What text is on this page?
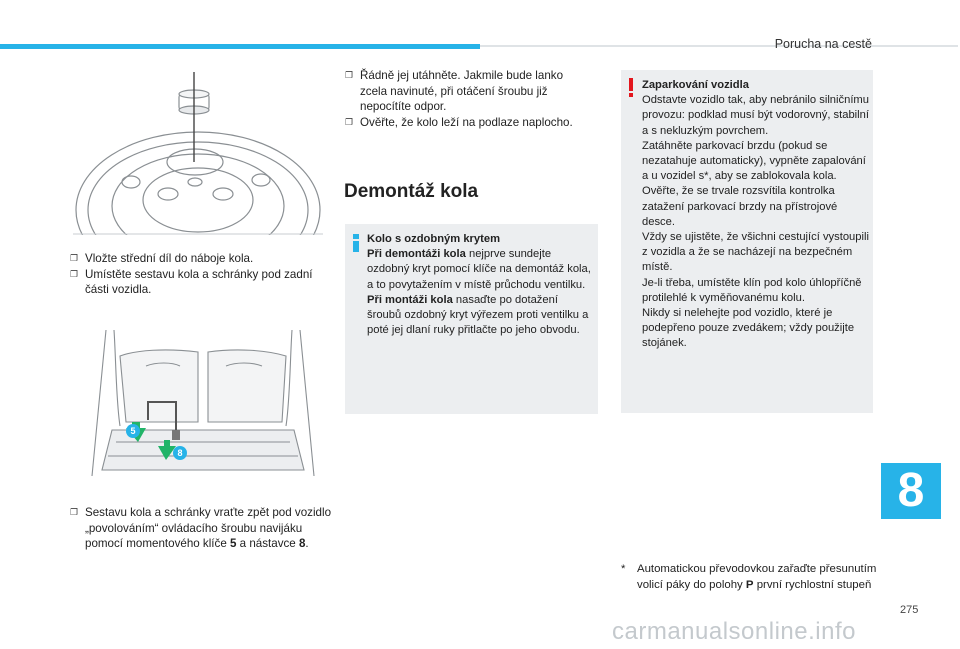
Porucha na cestě
❐ Vložte střední díl do náboje kola.
❐ Umístěte sestavu kola a schránky pod zadní části vozidla.
5
8
❐ Sestavu kola a schránky vraťte zpět pod vozidlo „povolováním“ ovládacího šroubu navijáku pomocí momentového klíče 5 a nástavce 8.
❐ Řádně jej utáhněte. Jakmile bude lanko zcela navinuté, při otáčení šroubu již nepocítíte odpor.
❐ Ověřte, že kolo leží na podlaze naplocho.
Demontáž kola
Kolo s ozdobným krytem
Při demontáži kola nejprve sundejte ozdobný kryt pomocí klíče na demontáž kola, a to povytažením v místě průchodu ventilku.
Při montáži kola nasaďte po dotažení šroubů ozdobný kryt výřezem proti ventilku a poté jej dlaní ruky přitlačte po jeho obvodu.
Zaparkování vozidla
Odstavte vozidlo tak, aby nebránilo silničnímu provozu: podklad musí být vodorovný, stabilní a s nekluzkým povrchem.
Zatáhněte parkovací brzdu (pokud se nezatahuje automaticky), vypněte zapalování a u vozidel s*, aby se zablokovala kola.
Ověřte, že se trvale rozsvítila kontrolka zatažení parkovací brzdy na přístrojové desce.
Vždy se ujistěte, že všichni cestující vystoupili z vozidla a že se nacházejí na bezpečném místě.
Je-li třeba, umístěte klín pod kolo úhlopříčně protilehlé k vyměňovanému kolu.
Nikdy si nelehejte pod vozidlo, které je podepřeno pouze zvedákem; vždy použijte stojánek.
*	Automatickou převodovkou zařaďte přesunutím volicí páky do polohy P první rychlostní stupeň
8
275
carmanualsonline.info
